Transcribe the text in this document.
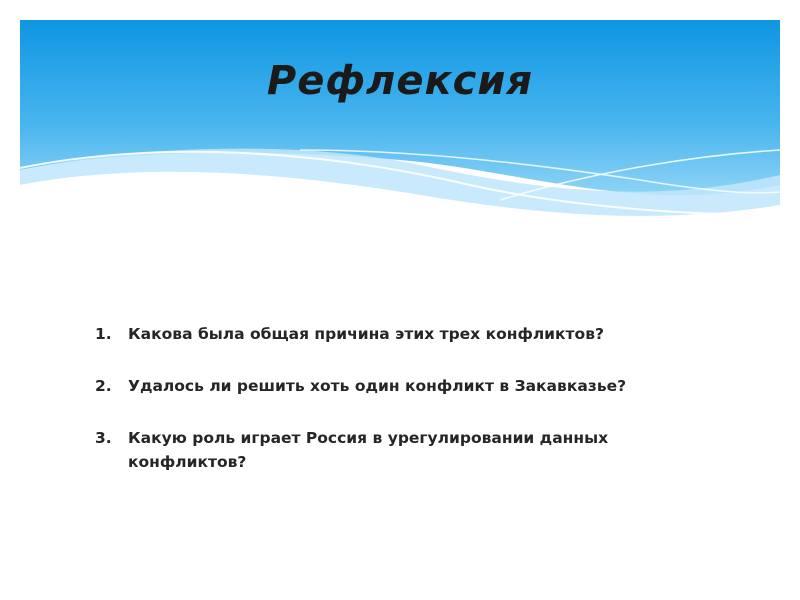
Рефлексия
1. Какова была общая причина этих трех конфликтов?
2. Удалось ли решить хоть один конфликт в Закавказье?
3. Какую роль играет Россия в урегулировании данных конфликтов?
